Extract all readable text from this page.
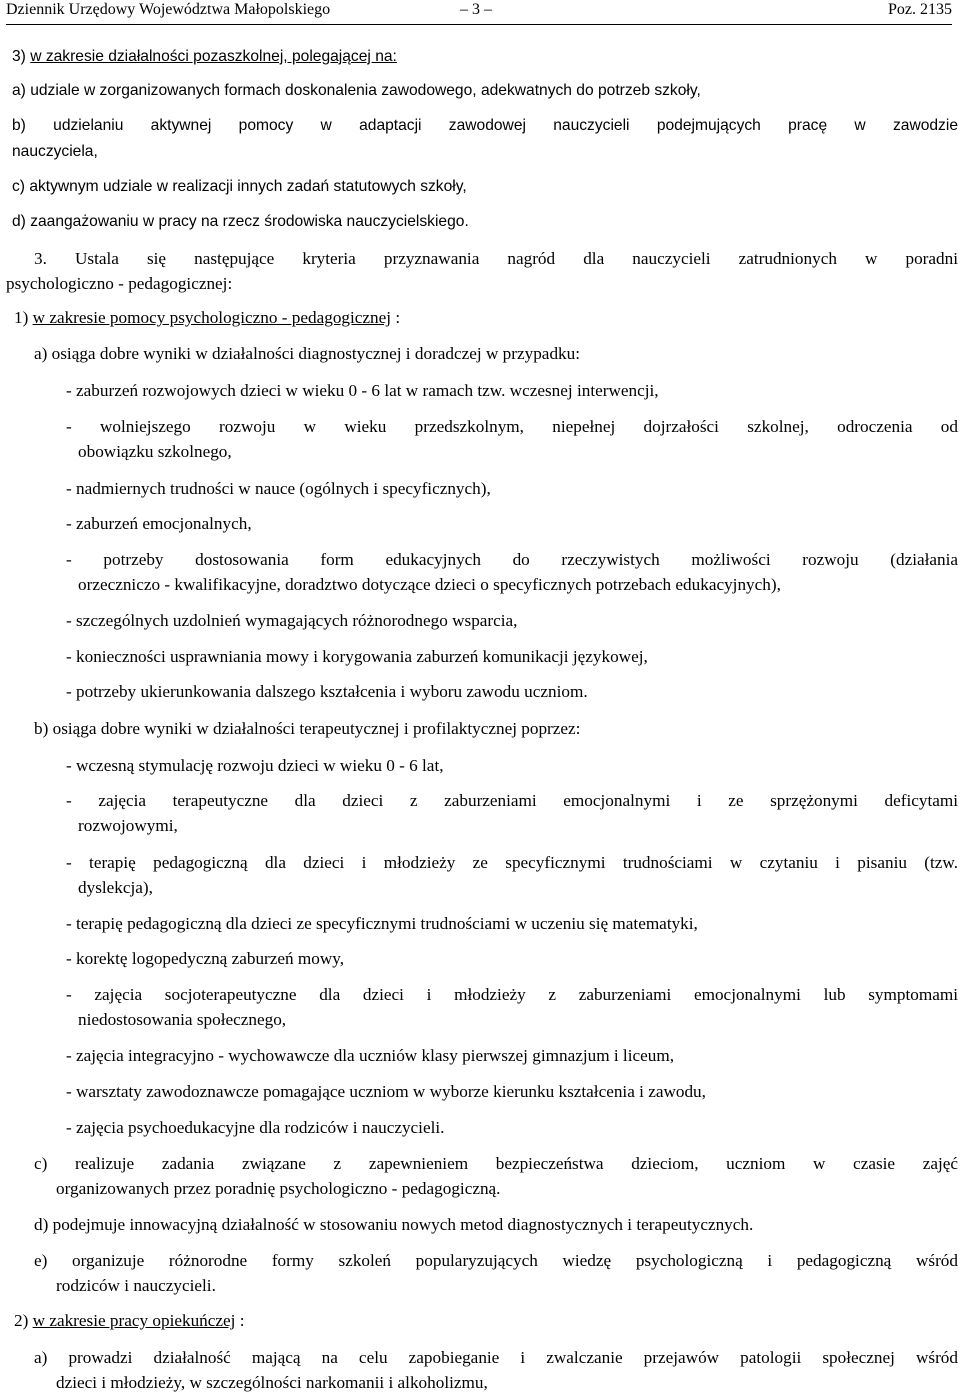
Dziennik Urzędowy Województwa Małopolskiego	– 3 –	Poz. 2135
3) w zakresie działalności pozaszkolnej, polegającej na:
a) udziale w zorganizowanych formach doskonalenia zawodowego, adekwatnych do potrzeb szkoły,
b) udzielaniu aktywnej pomocy w adaptacji zawodowej nauczycieli podejmujących pracę w zawodzie
nauczyciela,
c) aktywnym udziale w realizacji innych zadań statutowych szkoły,
d) zaangażowaniu w pracy na rzecz środowiska nauczycielskiego.
3. Ustala się następujące kryteria przyznawania nagród dla nauczycieli zatrudnionych w poradni
psychologiczno - pedagogicznej:
1) w zakresie pomocy psychologiczno - pedagogicznej :
a) osiąga dobre wyniki w działalności diagnostycznej i doradczej w przypadku:
- zaburzeń rozwojowych dzieci w wieku 0 - 6 lat w ramach tzw. wczesnej interwencji,
- wolniejszego rozwoju w wieku przedszkolnym, niepełnej dojrzałości szkolnej, odroczenia od
obowiązku szkolnego,
- nadmiernych trudności w nauce (ogólnych i specyficznych),
- zaburzeń emocjonalnych,
- potrzeby dostosowania form edukacyjnych do rzeczywistych możliwości rozwoju (działania
orzeczniczo - kwalifikacyjne, doradztwo dotyczące dzieci o specyficznych potrzebach edukacyjnych),
- szczególnych uzdolnień wymagających różnorodnego wsparcia,
- konieczności usprawniania mowy i korygowania zaburzeń komunikacji językowej,
- potrzeby ukierunkowania dalszego kształcenia i wyboru zawodu uczniom.
b) osiąga dobre wyniki w działalności terapeutycznej i profilaktycznej poprzez:
- wczesną stymulację rozwoju dzieci w wieku 0 - 6 lat,
- zajęcia terapeutyczne dla dzieci z zaburzeniami emocjonalnymi i ze sprzężonymi deficytami
rozwojowymi,
- terapię pedagogiczną dla dzieci i młodzieży ze specyficznymi trudnościami w czytaniu i pisaniu (tzw.
dyslekcja),
- terapię pedagogiczną dla dzieci ze specyficznymi trudnościami w uczeniu się matematyki,
- korektę logopedyczną zaburzeń mowy,
- zajęcia socjoterapeutyczne dla dzieci i młodzieży z zaburzeniami emocjonalnymi lub symptomami
niedostosowania społecznego,
- zajęcia integracyjno - wychowawcze dla uczniów klasy pierwszej gimnazjum i liceum,
- warsztaty zawodoznawcze pomagające uczniom w wyborze kierunku kształcenia i zawodu,
- zajęcia psychoedukacyjne dla rodziców i nauczycieli.
c) realizuje zadania związane z zapewnieniem bezpieczeństwa dzieciom, uczniom w czasie zajęć
organizowanych przez poradnię psychologiczno - pedagogiczną.
d) podejmuje innowacyjną działalność w stosowaniu nowych metod diagnostycznych i terapeutycznych.
e) organizuje różnorodne formy szkoleń popularyzujących wiedzę psychologiczną i pedagogiczną wśród
rodziców i nauczycieli.
2) w zakresie pracy opiekuńczej :
a) prowadzi działalność mającą na celu zapobieganie i zwalczanie przejawów patologii społecznej wśród
dzieci i młodzieży, w szczególności narkomanii i alkoholizmu,
